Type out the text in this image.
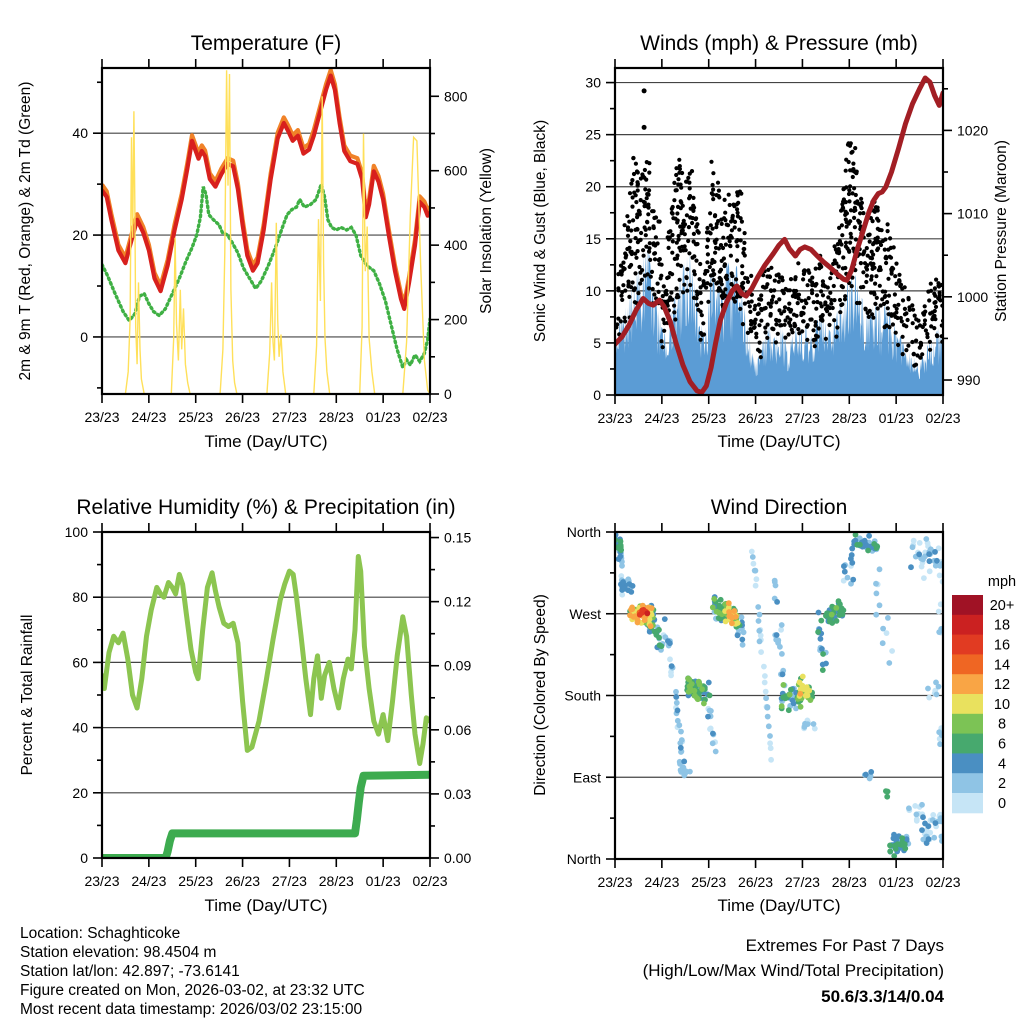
Temperature (F)
2m & 9m T (Red, Orange) & 2m Td (Green)	Solar Insolation (Yellow)
Time (Day/UTC)
0
20
40
0
200
400
600
800
23/23 24/23 25/23 26/23 27/23 28/23 01/23 02/23
Winds (mph) & Pressure (mb)
Sonic Wind & Gust (Blue, Black)	Station Pressure (Maroon)
Time (Day/UTC)
0
5
10
15
20
25
30
990
1000
1010
1020
23/23 24/23 25/23 26/23 27/23 28/23 01/23 02/23
Relative Humidity (%) & Precipitation (in)
Percent & Total Rainfall
Time (Day/UTC)
0
20
40
60
80
100
0.00
0.03
0.06
0.09
0.12
0.15
23/23 24/23 25/23 26/23 27/23 28/23 01/23 02/23
Wind Direction
Direction (Colored By Speed)
Time (Day/UTC)
North
East
South
West
North
23/23 24/23 25/23 26/23 27/23 28/23 01/23 02/23
20+
18
16
14
12
10
8
6
4
2
0
mph
Location: Schaghticoke
Station elevation: 98.4504 m
Station lat/lon: 42.897; -73.6141
Figure created on Mon, 2026-03-02, at 23:32 UTC
Most recent data timestamp: 2026/03/02 23:15:00
Extremes For Past 7 Days
(High/Low/Max Wind/Total Precipitation)
50.6/3.3/14/0.04
